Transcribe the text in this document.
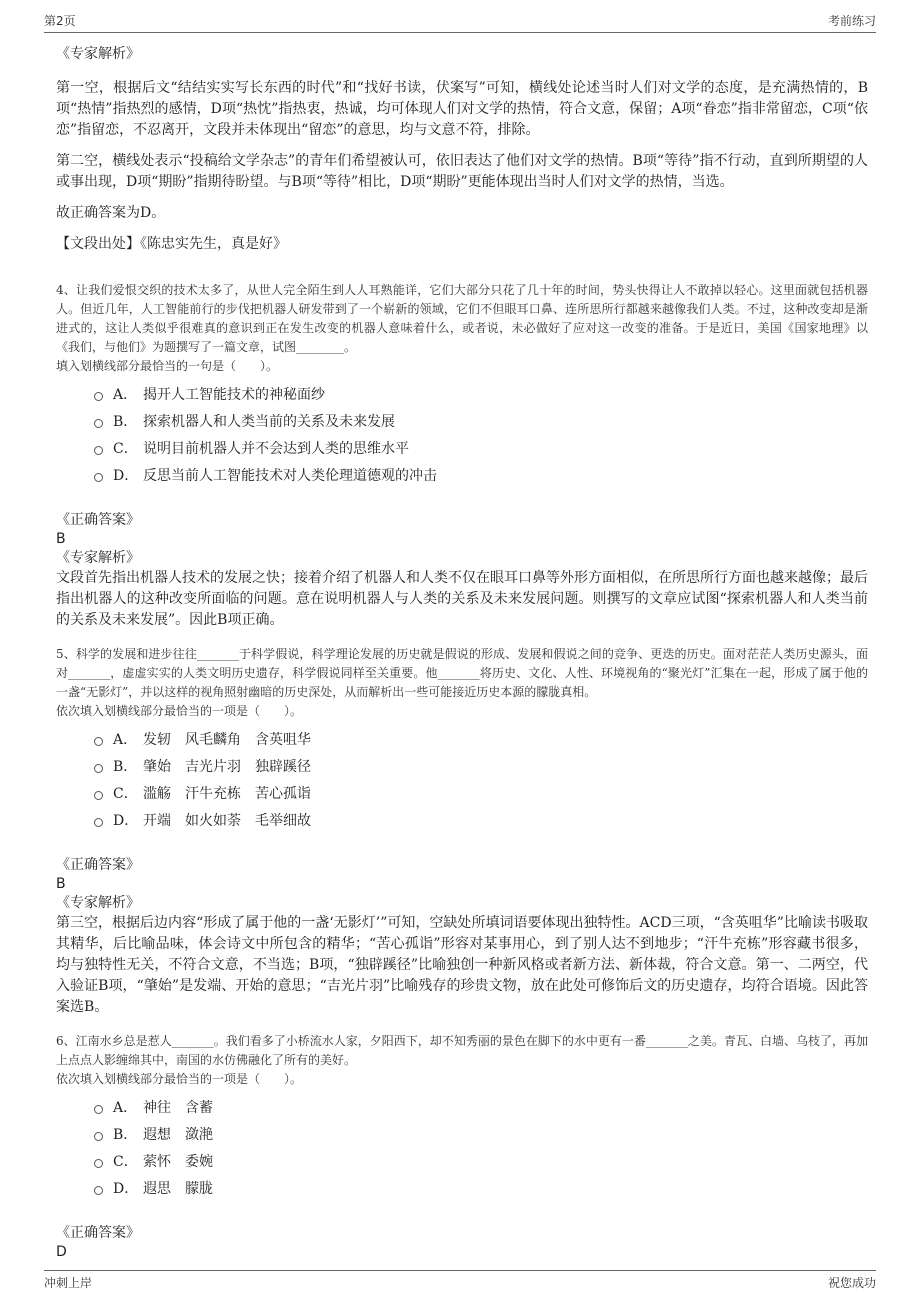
第2页	考前练习
《专家解析》

第一空，根据后文“结结实实写长东西的时代”和“找好书读，伏案写”可知，横线处论述当时人们对文学的态度，是充满热情的，B项“热情”指热烈的感情，D项“热忱”指热衷，热诚，均可体现人们对文学的热情，符合文意，保留；A项“眷恋”指非常留恋，C项“依恋”指留恋，不忍离开，文段并未体现出“留恋”的意思，均与文意不符，排除。

第二空，横线处表示“投稿给文学杂志”的青年们希望被认可，依旧表达了他们对文学的热情。B项“等待”指不行动，直到所期望的人或事出现，D项“期盼”指期待盼望。与B项“等待”相比，D项“期盼”更能体现出当时人们对文学的热情，当选。

故正确答案为D。

【文段出处】《陈忠实先生，真是好》

4、让我们爱恨交织的技术太多了，从世人完全陌生到人人耳熟能详，它们大部分只花了几十年的时间，势头快得让人不敢掉以轻心。这里面就包括机器人。但近几年，人工智能前行的步伐把机器人研发带到了一个崭新的领域，它们不但眼耳口鼻、连所思所行都越来越像我们人类。不过，这种改变却是渐进式的，这让人类似乎很难真的意识到正在发生改变的机器人意味着什么，或者说，未必做好了应对这一改变的准备。于是近日，美国《国家地理》以《我们，与他们》为题撰写了一篇文章，试图________。

填入划横线部分最恰当的一句是（　　）。

A． 揭开人工智能技术的神秘面纱
B． 探索机器人和人类当前的关系及未来发展
C． 说明目前机器人并不会达到人类的思维水平
D． 反思当前人工智能技术对人类伦理道德观的冲击
《正确答案》
B
《专家解析》

文段首先指出机器人技术的发展之快；接着介绍了机器人和人类不仅在眼耳口鼻等外形方面相似，在所思所行方面也越来越像；最后指出机器人的这种改变所面临的问题。意在说明机器人与人类的关系及未来发展问题。则撰写的文章应试图“探索机器人和人类当前的关系及未来发展”。因此B项正确。

5、科学的发展和进步往往_______于科学假说，科学理论发展的历史就是假说的形成、发展和假说之间的竞争、更迭的历史。面对茫茫人类历史源头，面对_______，虚虚实实的人类文明历史遗存，科学假说同样至关重要。他_______将历史、文化、人性、环境视角的“聚光灯”汇集在一起，形成了属于他的一盏“无影灯”，并以这样的视角照射幽暗的历史深处，从而解析出一些可能接近历史本源的朦胧真相。

依次填入划横线部分最恰当的一项是（　　）。

A． 发轫　风毛麟角　含英咀华
B． 肇始　吉光片羽　独辟蹊径
C． 滥觞　汗牛充栋　苦心孤诣
D． 开端　如火如荼　毛举细故
《正确答案》
B
《专家解析》

第三空，根据后边内容“形成了属于他的一盏‘无影灯’”可知，空缺处所填词语要体现出独特性。ACD三项，“含英咀华”比喻读书吸取其精华，后比喻品味，体会诗文中所包含的精华；“苦心孤诣”形容对某事用心，到了别人达不到地步；“汗牛充栋”形容藏书很多，均与独特性无关，不符合文意，不当选；B项，“独辟蹊径”比喻独创一种新风格或者新方法、新体裁，符合文意。第一、二两空，代入验证B项，“肇始”是发端、开始的意思；“吉光片羽”比喻残存的珍贵文物，放在此处可修饰后文的历史遗存，均符合语境。因此答案选B。

6、江南水乡总是惹人_______。我们看多了小桥流水人家，夕阳西下，却不知秀丽的景色在脚下的水中更有一番_______之美。青瓦、白墙、乌枝了，再加上点点人影缠绵其中，南国的水仿佛融化了所有的美好。

依次填入划横线部分最恰当的一项是（　　）。

A． 神往　含蓄
B． 遐想　潋滟
C． 萦怀　委婉
D． 遐思　朦胧
《正确答案》
D
冲刺上岸	祝您成功
